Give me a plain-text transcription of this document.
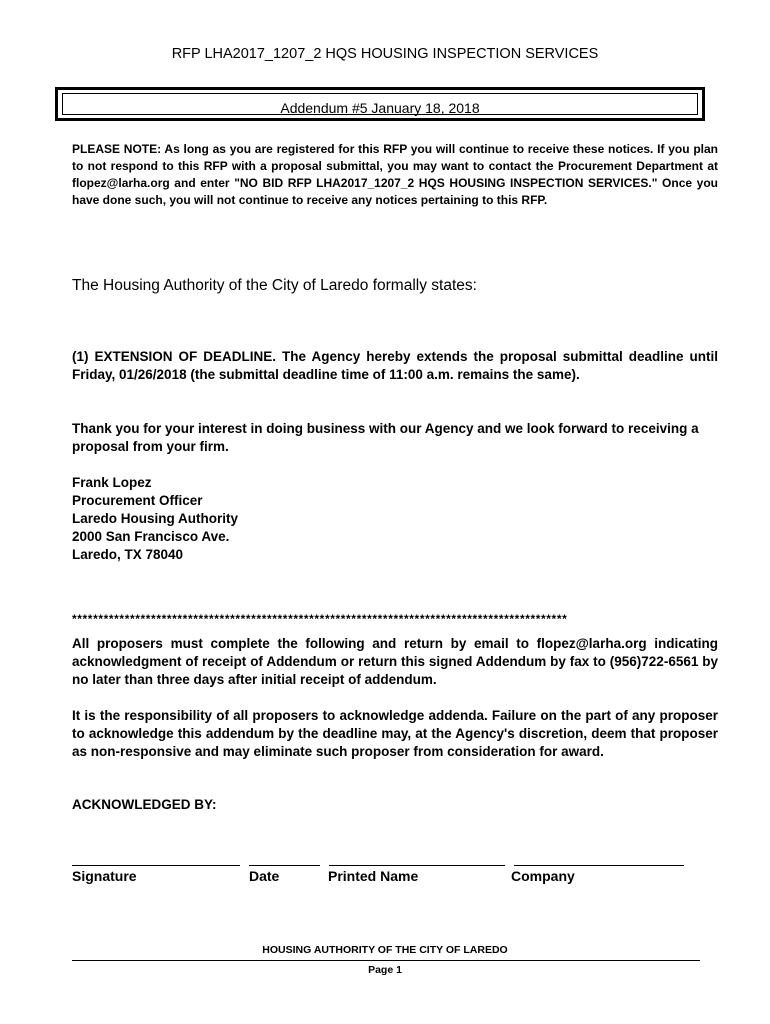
RFP LHA2017_1207_2 HQS HOUSING INSPECTION SERVICES
Addendum #5 January 18, 2018
PLEASE NOTE: As long as you are registered for this RFP you will continue to receive these notices. If you plan to not respond to this RFP with a proposal submittal, you may want to contact the Procurement Department at flopez@larha.org and enter "NO BID RFP LHA2017_1207_2 HQS HOUSING INSPECTION SERVICES." Once you have done such, you will not continue to receive any notices pertaining to this RFP.
The Housing Authority of the City of Laredo formally states:
(1) EXTENSION OF DEADLINE. The Agency hereby extends the proposal submittal deadline until Friday, 01/26/2018 (the submittal deadline time of 11:00 a.m. remains the same).
Thank you for your interest in doing business with our Agency and we look forward to receiving a proposal from your firm.
Frank Lopez
Procurement Officer
Laredo Housing Authority
2000 San Francisco Ave.
Laredo, TX 78040
**********************************************************************************************
All proposers must complete the following and return by email to flopez@larha.org indicating acknowledgment of receipt of Addendum or return this signed Addendum by fax to (956)722-6561 by no later than three days after initial receipt of addendum.
It is the responsibility of all proposers to acknowledge addenda. Failure on the part of any proposer to acknowledge this addendum by the deadline may, at the Agency's discretion, deem that proposer as non-responsive and may eliminate such proposer from consideration for award.
ACKNOWLEDGED BY:
Signature	Date	Printed Name	Company
HOUSING AUTHORITY OF THE CITY OF LAREDO
Page 1
